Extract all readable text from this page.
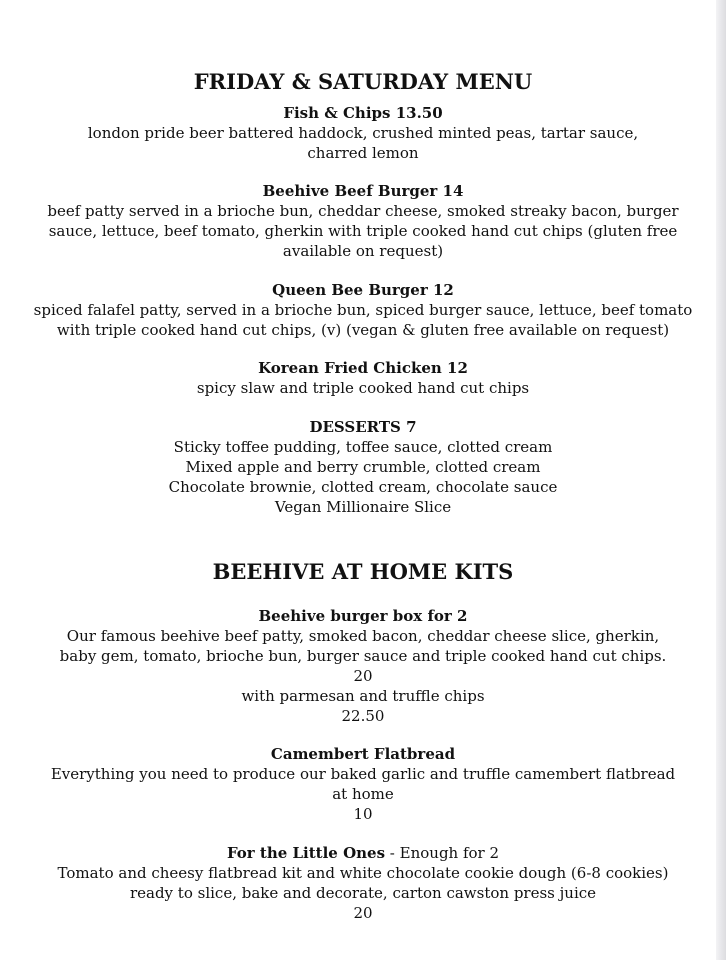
FRIDAY & SATURDAY MENU

Fish & Chips 13.50

london pride beer battered haddock, crushed minted peas, tartar sauce,

charred lemon

Beehive Beef Burger 14

beef patty served in a brioche bun, cheddar cheese, smoked streaky bacon, burger

sauce, lettuce, beef tomato, gherkin with triple cooked hand cut chips (gluten free

available on request)

Queen Bee Burger 12

spiced falafel patty, served in a brioche bun, spiced burger sauce, lettuce, beef tomato

with triple cooked hand cut chips, (v) (vegan & gluten free available on request)

Korean Fried Chicken 12

spicy slaw and triple cooked hand cut chips

DESSERTS 7

Sticky toffee pudding, toffee sauce, clotted cream

Mixed apple and berry crumble, clotted cream

Chocolate brownie, clotted cream, chocolate sauce

Vegan Millionaire Slice

BEEHIVE AT HOME KITS

Beehive burger box for 2

Our famous beehive beef patty, smoked bacon, cheddar cheese slice, gherkin,

baby gem, tomato, brioche bun, burger sauce and triple cooked hand cut chips.

20

with parmesan and truffle chips

22.50

Camembert Flatbread

Everything you need to produce our baked garlic and truffle camembert flatbread

at home

10

For the Little Ones - Enough for 2

Tomato and cheesy flatbread kit and white chocolate cookie dough (6-8 cookies)

ready to slice, bake and decorate, carton cawston press juice

20
